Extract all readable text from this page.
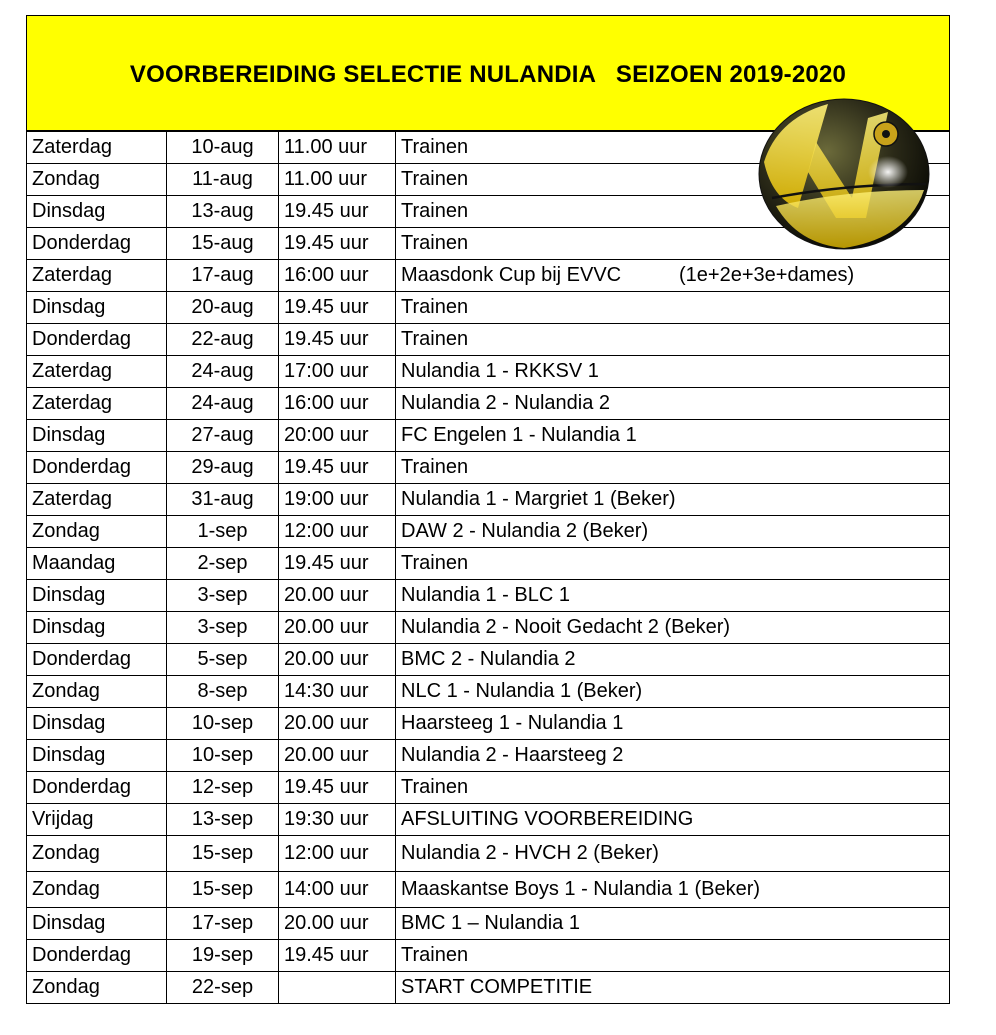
VOORBEREIDING SELECTIE NULANDIA   SEIZOEN 2019-2020
Zaterdag	10-aug	11.00 uur	Trainen
Zondag	11-aug	11.00 uur	Trainen
Dinsdag	13-aug	19.45 uur	Trainen
Donderdag	15-aug	19.45 uur	Trainen
Zaterdag	17-aug	16:00 uur	Maasdonk Cup bij EVVC (1e+2e+3e+dames)

Dinsdag	20-aug	19.45 uur	Trainen
Donderdag	22-aug	19.45 uur	Trainen
Zaterdag	24-aug	17:00 uur	Nulandia 1 - RKKSV 1
Zaterdag	24-aug	16:00 uur	Nulandia 2 - Nulandia 2
Dinsdag	27-aug	20:00 uur	FC Engelen 1 - Nulandia 1
Donderdag	29-aug	19.45 uur	Trainen
Zaterdag	31-aug	19:00 uur	Nulandia 1 - Margriet 1 (Beker)
Zondag	1-sep	12:00 uur	DAW 2 - Nulandia 2 (Beker)
Maandag	2-sep	19.45 uur	Trainen
Dinsdag	3-sep	20.00 uur	Nulandia 1 - BLC 1
Dinsdag	3-sep	20.00 uur	Nulandia 2 - Nooit Gedacht 2 (Beker)
Donderdag	5-sep	20.00 uur	BMC 2 - Nulandia 2
Zondag	8-sep	14:30 uur	NLC 1 - Nulandia 1 (Beker)
Dinsdag	10-sep	20.00 uur	Haarsteeg 1 - Nulandia 1
Dinsdag	10-sep	20.00 uur	Nulandia 2 - Haarsteeg 2
Donderdag	12-sep	19.45 uur	Trainen
Vrijdag	13-sep	19:30 uur	AFSLUITING VOORBEREIDING
Zondag	15-sep	12:00 uur	Nulandia 2 - HVCH 2 (Beker)
Zondag	15-sep	14:00 uur	Maaskantse Boys 1 - Nulandia 1 (Beker)
Dinsdag	17-sep	20.00 uur	BMC 1 – Nulandia 1
Donderdag	19-sep	19.45 uur	Trainen
Zondag	22-sep		START COMPETITIE
